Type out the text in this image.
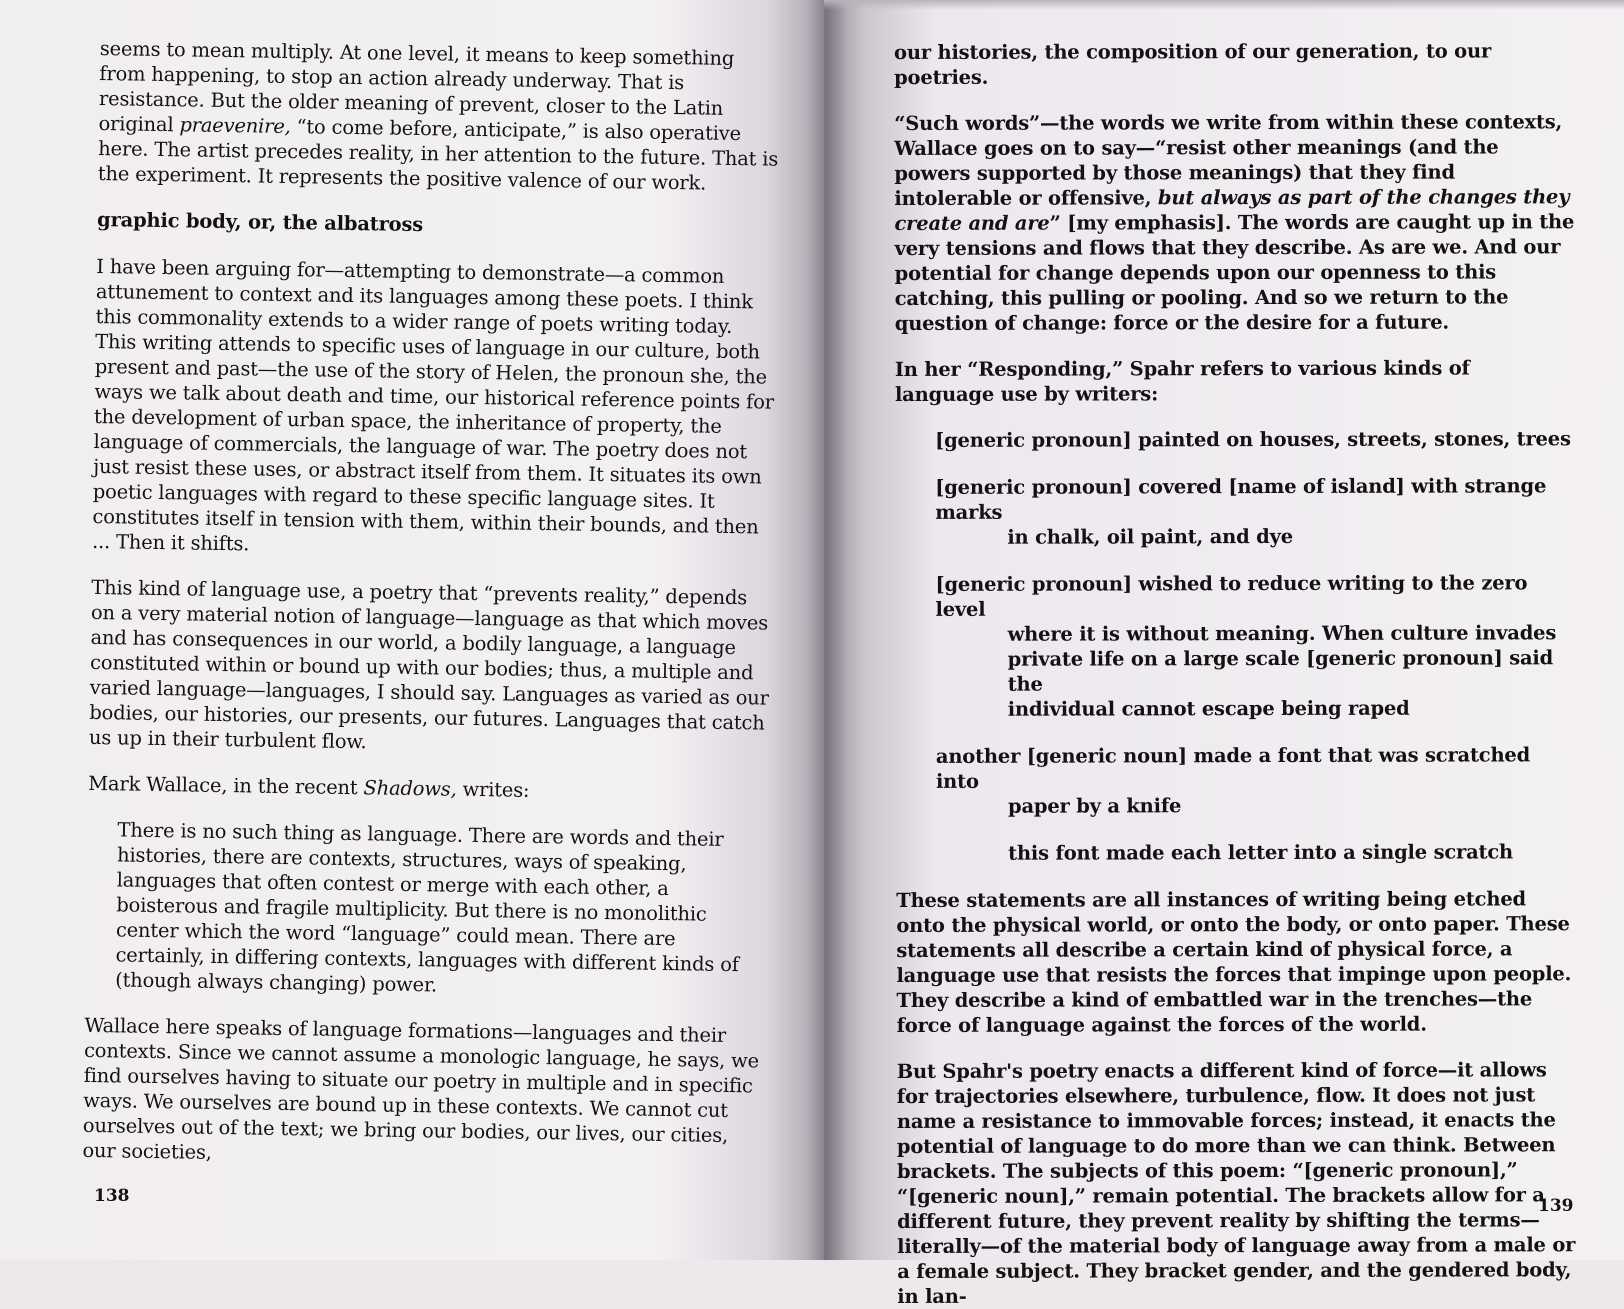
seems to mean multiply. At one level, it means to keep something from happening, to stop an action already underway. That is resistance. But the older meaning of prevent, closer to the Latin original praevenire, “to come before, anticipate,” is also operative here. The artist precedes reality, in her attention to the future. That is the experiment. It represents the positive valence of our work.

graphic body, or, the albatross

I have been arguing for—attempting to demonstrate—a common attunement to context and its languages among these poets. I think this commonality extends to a wider range of poets writing today. This writing attends to specific uses of language in our culture, both present and past—the use of the story of Helen, the pronoun she, the ways we talk about death and time, our historical reference points for the development of urban space, the inheritance of property, the language of commercials, the language of war. The poetry does not just resist these uses, or abstract itself from them. It situates its own poetic languages with regard to these specific language sites. It constitutes itself in tension with them, within their bounds, and then ... Then it shifts.

This kind of language use, a poetry that “prevents reality,” depends on a very material notion of language—language as that which moves and has consequences in our world, a bodily language, a language constituted within or bound up with our bodies; thus, a multiple and varied language—languages, I should say. Languages as varied as our bodies, our histories, our presents, our futures. Languages that catch us up in their turbulent flow.

Mark Wallace, in the recent Shadows, writes:

There is no such thing as language. There are words and their histories, there are contexts, structures, ways of speaking, languages that often contest or merge with each other, a boisterous and fragile multiplicity. But there is no monolithic center which the word “language” could mean. There are certainly, in differing contexts, languages with different kinds of (though always changing) power.

Wallace here speaks of language formations—languages and their contexts. Since we cannot assume a monologic language, he says, we find ourselves having to situate our poetry in multiple and in specific ways. We ourselves are bound up in these contexts. We cannot cut ourselves out of the text; we bring our bodies, our lives, our cities, our societies,

138

our histories, the composition of our generation, to our poetries.

“Such words”—the words we write from within these contexts, Wallace goes on to say—“resist other meanings (and the powers supported by those meanings) that they find intolerable or offensive, but always as part of the changes they create and are” [my emphasis]. The words are caught up in the very tensions and flows that they describe. As are we. And our potential for change depends upon our openness to this catching, this pulling or pooling. And so we return to the question of change: force or the desire for a future.

In her “Responding,” Spahr refers to various kinds of language use by writers:

[generic pronoun] painted on houses, streets, stones, trees
[generic pronoun] covered [name of island] with strange marks
in chalk, oil paint, and dye
[generic pronoun] wished to reduce writing to the zero level
where it is without meaning. When culture invades
private life on a large scale [generic pronoun] said the
individual cannot escape being raped
another [generic noun] made a font that was scratched into
paper by a knife
this font made each letter into a single scratch

These statements are all instances of writing being etched onto the physical world, or onto the body, or onto paper. These statements all describe a certain kind of physical force, a language use that resists the forces that impinge upon people. They describe a kind of embattled war in the trenches—the force of language against the forces of the world.

But Spahr's poetry enacts a different kind of force—it allows for trajectories elsewhere, turbulence, flow. It does not just name a resistance to immovable forces; instead, it enacts the potential of language to do more than we can think. Between brackets. The subjects of this poem: “[generic pronoun],” “[generic noun],” remain potential. The brackets allow for a different future, they prevent reality by shifting the terms—literally—of the material body of language away from a male or a female subject. They bracket gender, and the gendered body, in lan-

139
